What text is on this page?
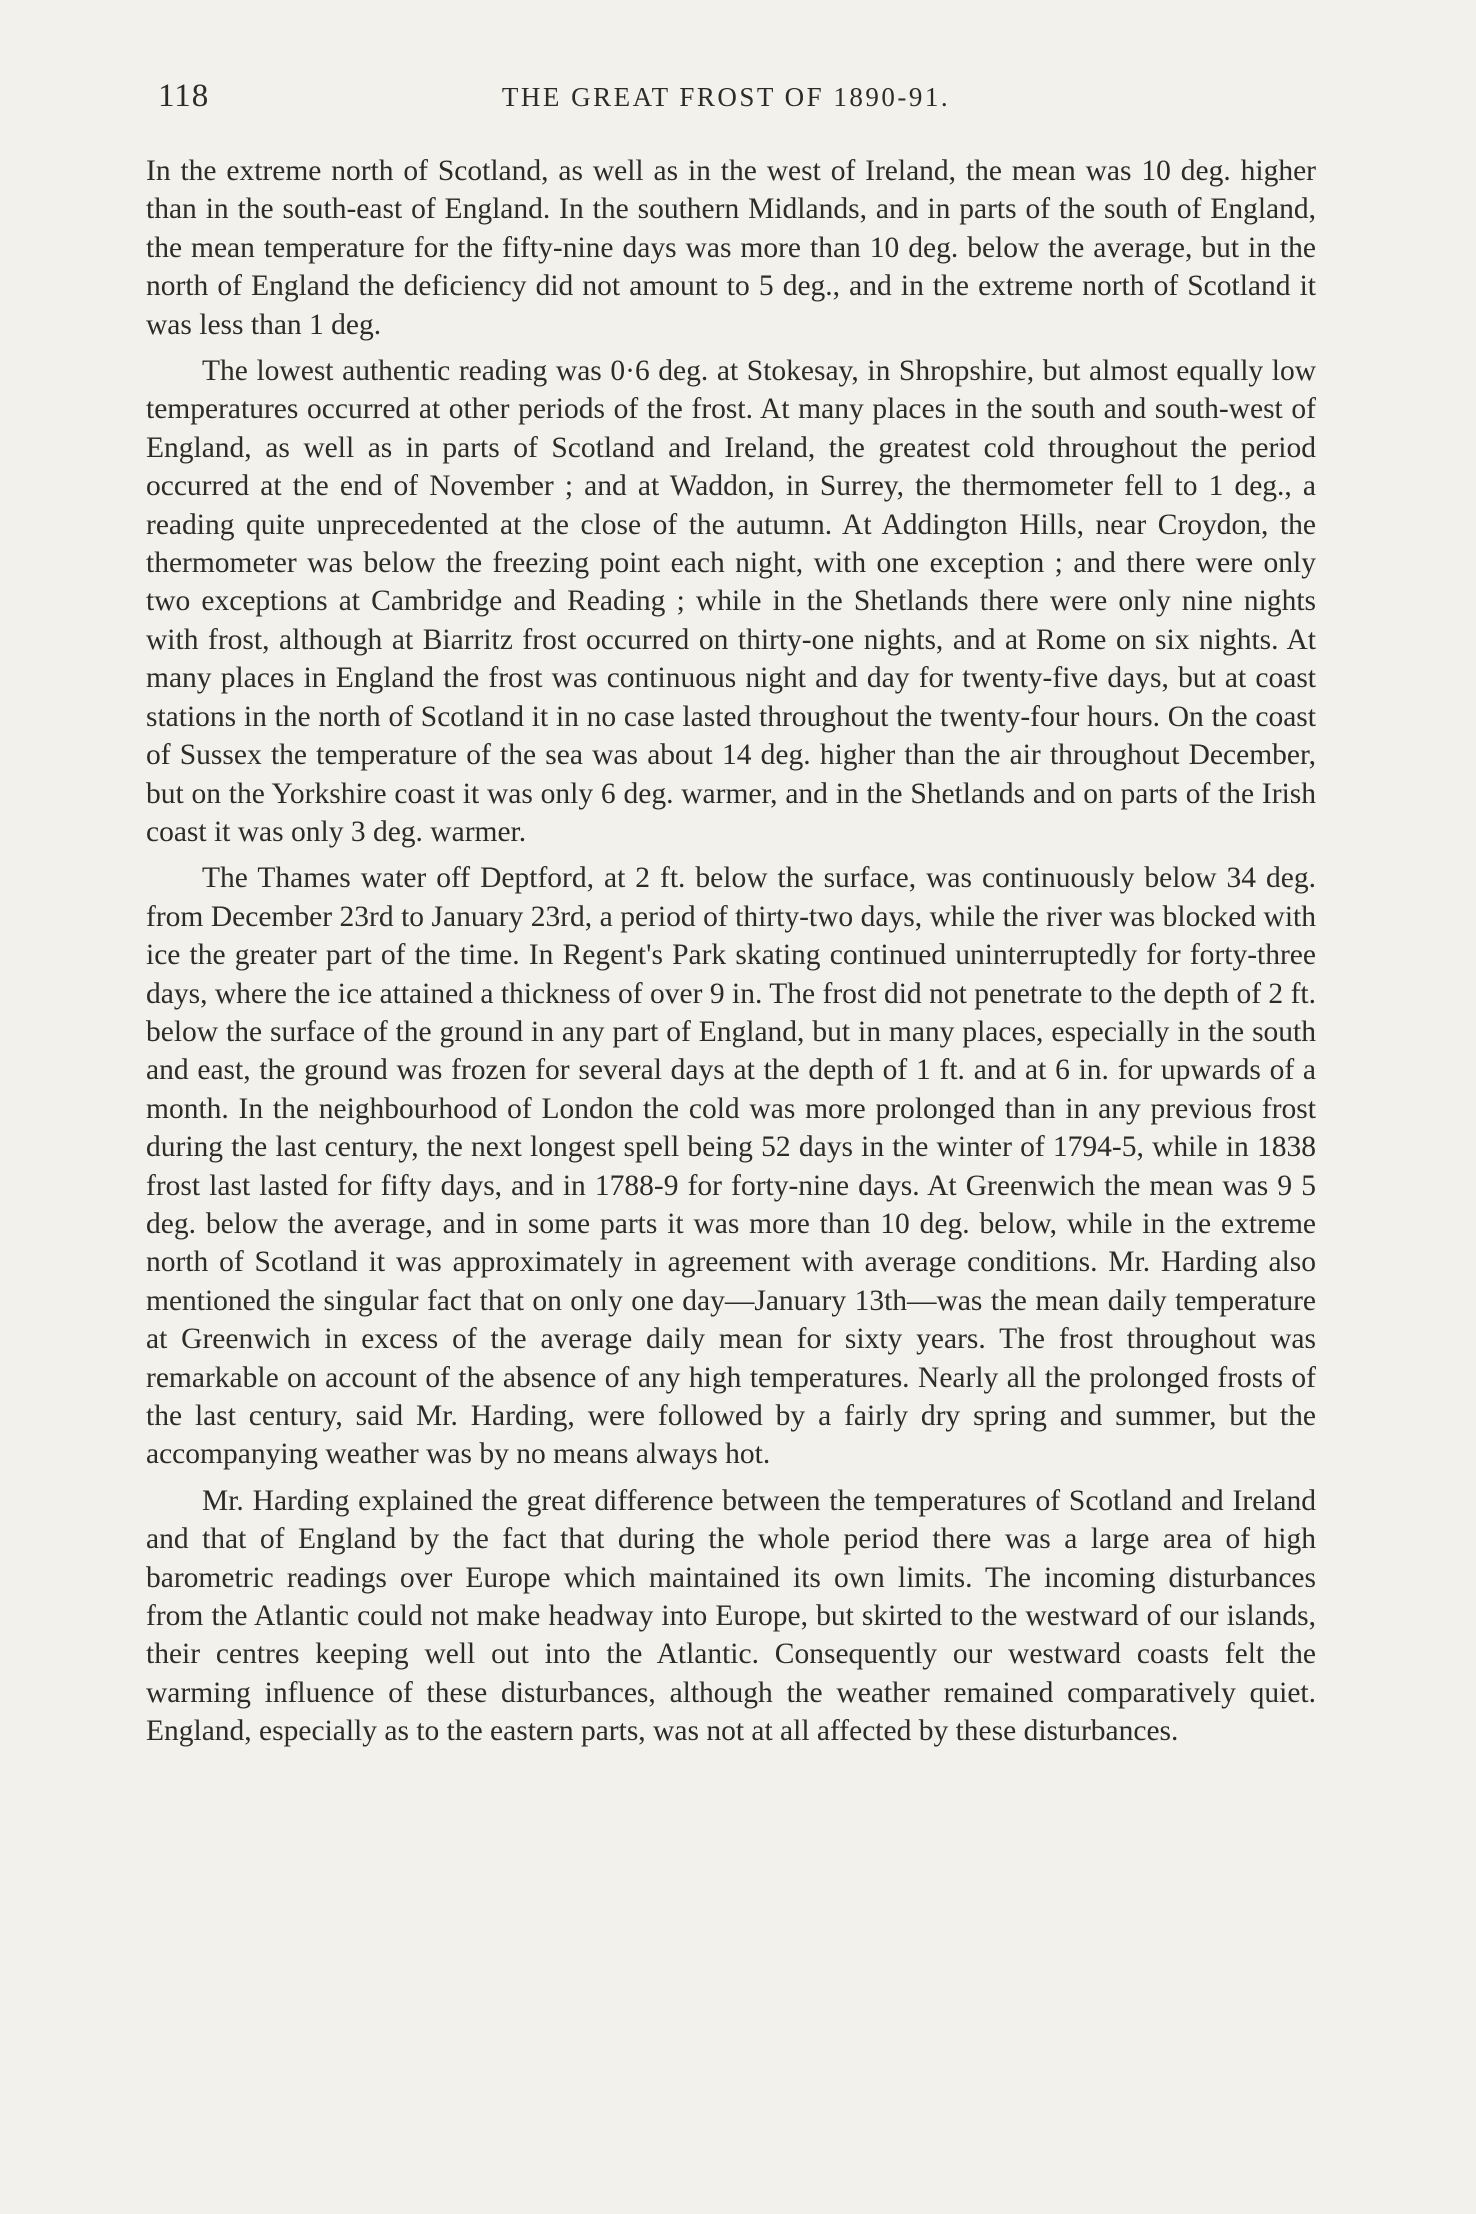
118	THE GREAT FROST OF 1890-91.

In the extreme north of Scotland, as well as in the west of Ireland, the mean was 10 deg. higher than in the south-east of England. In the southern Midlands, and in parts of the south of England, the mean temperature for the fifty-nine days was more than 10 deg. below the average, but in the north of England the deficiency did not amount to 5 deg., and in the extreme north of Scotland it was less than 1 deg.

The lowest authentic reading was 0·6 deg. at Stokesay, in Shropshire, but almost equally low temperatures occurred at other periods of the frost. At many places in the south and south-west of England, as well as in parts of Scotland and Ireland, the greatest cold throughout the period occurred at the end of November ; and at Waddon, in Surrey, the thermometer fell to 1 deg., a reading quite unprecedented at the close of the autumn. At Addington Hills, near Croydon, the thermometer was below the freezing point each night, with one exception ; and there were only two exceptions at Cambridge and Reading ; while in the Shetlands there were only nine nights with frost, although at Biarritz frost occurred on thirty-one nights, and at Rome on six nights. At many places in England the frost was continuous night and day for twenty-five days, but at coast stations in the north of Scotland it in no case lasted throughout the twenty-four hours. On the coast of Sussex the temperature of the sea was about 14 deg. higher than the air throughout December, but on the Yorkshire coast it was only 6 deg. warmer, and in the Shetlands and on parts of the Irish coast it was only 3 deg. warmer.

The Thames water off Deptford, at 2 ft. below the surface, was continuously below 34 deg. from December 23rd to January 23rd, a period of thirty-two days, while the river was blocked with ice the greater part of the time. In Regent's Park skating continued uninterruptedly for forty-three days, where the ice attained a thickness of over 9 in. The frost did not penetrate to the depth of 2 ft. below the surface of the ground in any part of England, but in many places, especially in the south and east, the ground was frozen for several days at the depth of 1 ft. and at 6 in. for upwards of a month. In the neighbourhood of London the cold was more prolonged than in any previous frost during the last century, the next longest spell being 52 days in the winter of 1794-5, while in 1838 frost last lasted for fifty days, and in 1788-9 for forty-nine days. At Greenwich the mean was 9 5 deg. below the average, and in some parts it was more than 10 deg. below, while in the extreme north of Scotland it was approximately in agreement with average conditions. Mr. Harding also mentioned the singular fact that on only one day—January 13th—was the mean daily temperature at Greenwich in excess of the average daily mean for sixty years. The frost throughout was remarkable on account of the absence of any high temperatures. Nearly all the prolonged frosts of the last century, said Mr. Harding, were followed by a fairly dry spring and summer, but the accompanying weather was by no means always hot.

Mr. Harding explained the great difference between the temperatures of Scotland and Ireland and that of England by the fact that during the whole period there was a large area of high barometric readings over Europe which maintained its own limits. The incoming disturbances from the Atlantic could not make headway into Europe, but skirted to the westward of our islands, their centres keeping well out into the Atlantic. Consequently our westward coasts felt the warming influence of these disturbances, although the weather remained comparatively quiet. England, especially as to the eastern parts, was not at all affected by these disturbances.
